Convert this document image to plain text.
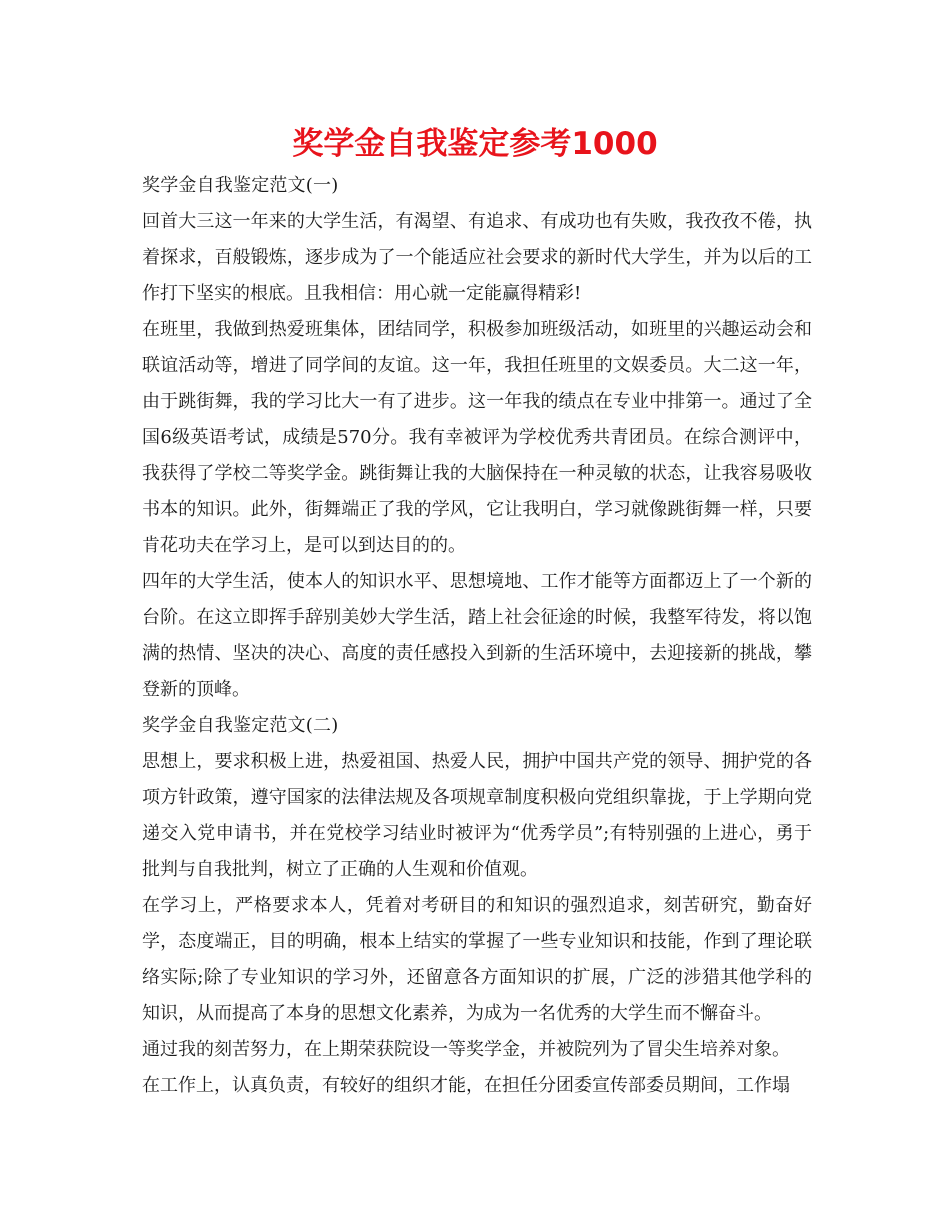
奖学金自我鉴定参考1000

奖学金自我鉴定范文(一)

回首大三这一年来的大学生活，有渴望、有追求、有成功也有失败，我孜孜不倦，执着探求，百般锻炼，逐步成为了一个能适应社会要求的新时代大学生，并为以后的工作打下坚实的根底。且我相信：用心就一定能赢得精彩!

在班里，我做到热爱班集体，团结同学，积极参加班级活动，如班里的兴趣运动会和联谊活动等，增进了同学间的友谊。这一年，我担任班里的文娱委员。大二这一年，由于跳街舞，我的学习比大一有了进步。这一年我的绩点在专业中排第一。通过了全国6级英语考试，成绩是570分。我有幸被评为学校优秀共青团员。在综合测评中，我获得了学校二等奖学金。跳街舞让我的大脑保持在一种灵敏的状态，让我容易吸收书本的知识。此外，街舞端正了我的学风，它让我明白，学习就像跳街舞一样，只要肯花功夫在学习上，是可以到达目的的。

四年的大学生活，使本人的知识水平、思想境地、工作才能等方面都迈上了一个新的台阶。在这立即挥手辞别美妙大学生活，踏上社会征途的时候，我整军待发，将以饱满的热情、坚决的决心、高度的责任感投入到新的生活环境中，去迎接新的挑战，攀登新的顶峰。

奖学金自我鉴定范文(二)

思想上，要求积极上进，热爱祖国、热爱人民，拥护中国共产党的领导、拥护党的各项方针政策，遵守国家的法律法规及各项规章制度积极向党组织靠拢，于上学期向党递交入党申请书，并在党校学习结业时被评为“优秀学员”;有特别强的上进心，勇于批判与自我批判，树立了正确的人生观和价值观。

在学习上，严格要求本人，凭着对考研目的和知识的强烈追求，刻苦研究，勤奋好学，态度端正，目的明确，根本上结实的掌握了一些专业知识和技能，作到了理论联络实际;除了专业知识的学习外，还留意各方面知识的扩展，广泛的涉猎其他学科的知识，从而提高了本身的思想文化素养，为成为一名优秀的大学生而不懈奋斗。

通过我的刻苦努力，在上期荣获院设一等奖学金，并被院列为了冒尖生培养对象。

在工作上，认真负责，有较好的组织才能，在担任分团委宣传部委员期间，工作塌
